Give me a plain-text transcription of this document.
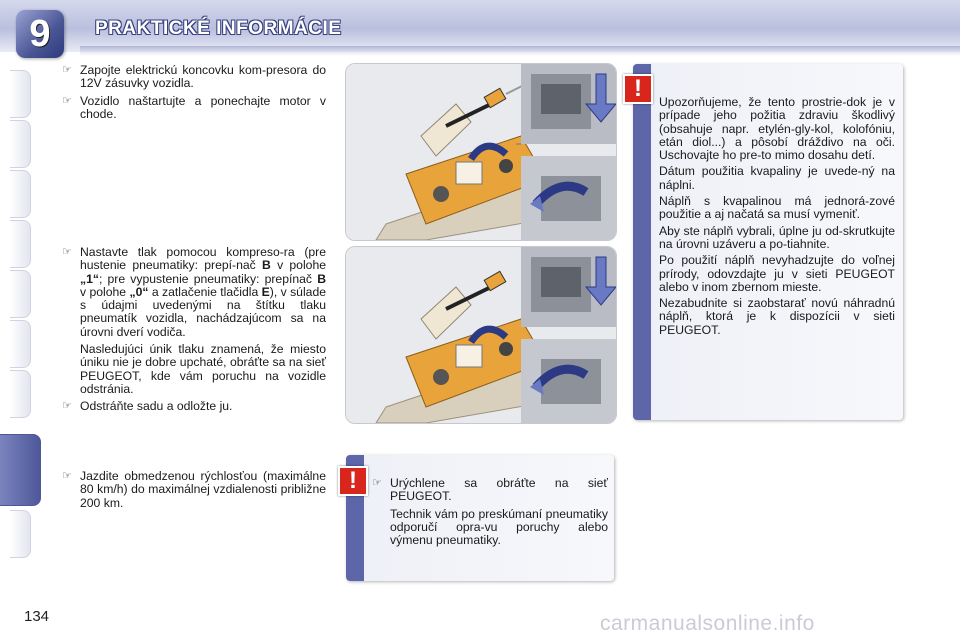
9	PRAKTICKÉ INFORMÁCIE
☞ Zapojte elektrickú koncovku kom-presora do 12V zásuvky vozidla.
☞ Vozidlo naštartujte a ponechajte motor v chode.
☞ Nastavte tlak pomocou kompreso-ra (pre hustenie pneumatiky: prepí-nač B v polohe „1“; pre vypustenie pneumatiky: prepínač B v polohe „0“ a zatlačenie tlačidla E), v súlade s údajmi uvedenými na štítku tlaku pneumatík vozidla, nachádzajúcom sa na úrovni dverí vodiča.
Nasledujúci únik tlaku znamená, že miesto úniku nie je dobre upchaté, obráťte sa na sieť PEUGEOT, kde vám poruchu na vozidle odstránia.
☞ Odstráňte sadu a odložte ju.
☞ Jazdite obmedzenou rýchlosťou (maximálne 80 km/h) do maximálnej vzdialenosti približne 200 km.

Upozorňujeme, že tento prostrie-dok je v prípade jeho požitia zdraviu škodlivý (obsahuje napr. etylén-gly-kol, kolofóniu, etán diol...) a pôsobí dráždivo na oči. Uschovajte ho pre-to mimo dosahu detí.

Dátum použitia kvapaliny je uvede-ný na náplni.

Náplň s kvapalinou má jednorá-zové použitie a aj načatá sa musí vymeniť.

Aby ste náplň vybrali, úplne ju od-skrutkujte na úrovni uzáveru a po-tiahnite.

Po použití náplň nevyhadzujte do voľnej prírody, odovzdajte ju v sieti PEUGEOT alebo v inom zbernom mieste.

Nezabudnite si zaobstarať novú náhradnú náplň, ktorá je k dispozícii v sieti PEUGEOT.

!
☞ Urýchlene sa obráťte na sieť PEUGEOT.
Technik vám po preskúmaní pneumatiky odporučí opra-vu poruchy alebo výmenu pneumatiky.
!
134	carmanualsonline.info
